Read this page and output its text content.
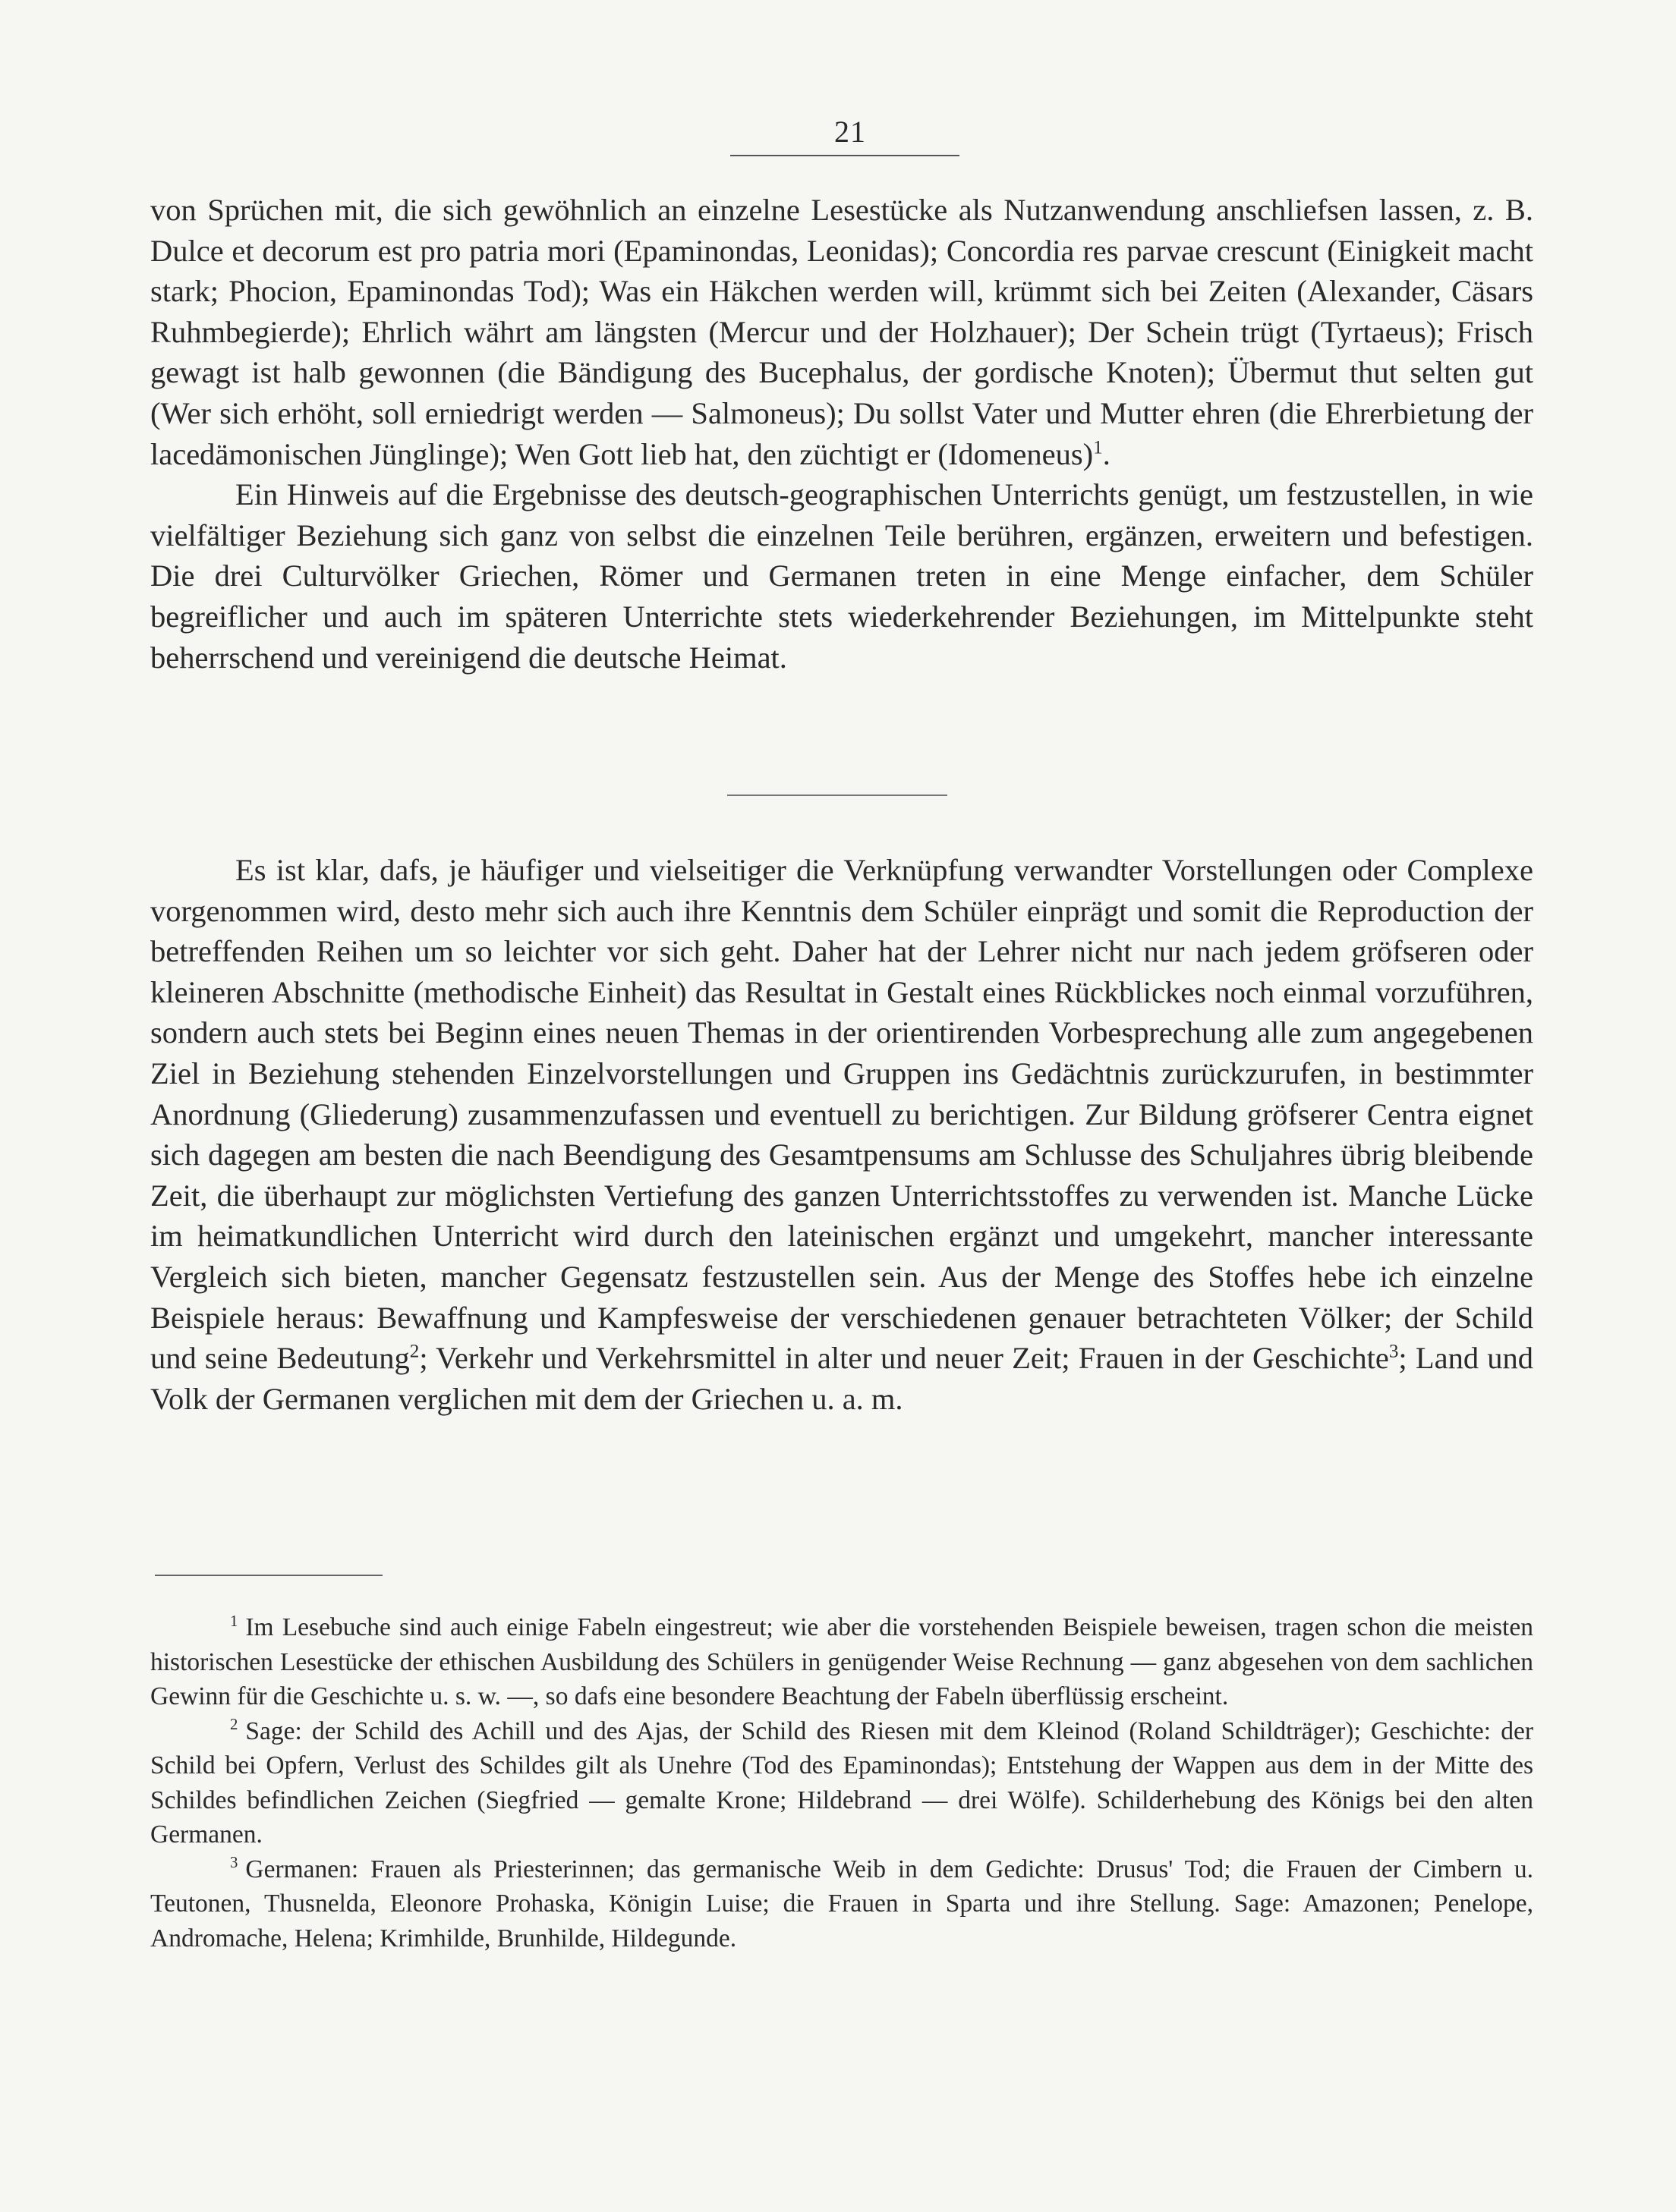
21

von Sprüchen mit, die sich gewöhnlich an einzelne Lesestücke als Nutzanwendung anschliefsen lassen, z. B. Dulce et decorum est pro patria mori (Epaminondas, Leonidas); Concordia res parvae crescunt (Einigkeit macht stark; Phocion, Epaminondas Tod); Was ein Häkchen werden will, krümmt sich bei Zeiten (Alexander, Cäsars Ruhmbegierde); Ehrlich währt am längsten (Mercur und der Holzhauer); Der Schein trügt (Tyrtaeus); Frisch gewagt ist halb gewonnen (die Bändigung des Bucephalus, der gordische Knoten); Übermut thut selten gut (Wer sich erhöht, soll erniedrigt werden — Salmoneus); Du sollst Vater und Mutter ehren (die Ehrerbietung der lacedämonischen Jünglinge); Wen Gott lieb hat, den züchtigt er (Idomeneus)$^1$.

Ein Hinweis auf die Ergebnisse des deutsch-geographischen Unterrichts genügt, um festzustellen, in wie vielfältiger Beziehung sich ganz von selbst die einzelnen Teile berühren, ergänzen, erweitern und befestigen. Die drei Culturvölker Griechen, Römer und Germanen treten in eine Menge einfacher, dem Schüler begreiflicher und auch im späteren Unterrichte stets wiederkehrender Beziehungen, im Mittelpunkte steht beherrschend und vereinigend die deutsche Heimat.

Es ist klar, dafs, je häufiger und vielseitiger die Verknüpfung verwandter Vorstellungen oder Complexe vorgenommen wird, desto mehr sich auch ihre Kenntnis dem Schüler einprägt und somit die Reproduction der betreffenden Reihen um so leichter vor sich geht. Daher hat der Lehrer nicht nur nach jedem gröfseren oder kleineren Abschnitte (methodische Einheit) das Resultat in Gestalt eines Rückblickes noch einmal vorzuführen, sondern auch stets bei Beginn eines neuen Themas in der orientirenden Vorbesprechung alle zum angegebenen Ziel in Beziehung stehenden Einzelvorstellungen und Gruppen ins Gedächtnis zurückzurufen, in bestimmter Anordnung (Gliederung) zusammenzufassen und eventuell zu berichtigen. Zur Bildung gröfserer Centra eignet sich dagegen am besten die nach Beendigung des Gesamtpensums am Schlusse des Schuljahres übrig bleibende Zeit, die überhaupt zur möglichsten Vertiefung des ganzen Unterrichtsstoffes zu verwenden ist. Manche Lücke im heimatkundlichen Unterricht wird durch den lateinischen ergänzt und umgekehrt, mancher interessante Vergleich sich bieten, mancher Gegensatz festzustellen sein. Aus der Menge des Stoffes hebe ich einzelne Beispiele heraus: Bewaffnung und Kampfesweise der verschiedenen genauer betrachteten Völker; der Schild und seine Bedeutung$^2$; Verkehr und Verkehrsmittel in alter und neuer Zeit; Frauen in der Geschichte$^3$; Land und Volk der Germanen verglichen mit dem der Griechen u. a. m.

$^1$ Im Lesebuche sind auch einige Fabeln eingestreut; wie aber die vorstehenden Beispiele beweisen, tragen schon die meisten historischen Lesestücke der ethischen Ausbildung des Schülers in genügender Weise Rechnung — ganz abgesehen von dem sachlichen Gewinn für die Geschichte u. s. w. —, so dafs eine besondere Beachtung der Fabeln überflüssig erscheint.

$^2$ Sage: der Schild des Achill und des Ajas, der Schild des Riesen mit dem Kleinod (Roland Schildträger); Geschichte: der Schild bei Opfern, Verlust des Schildes gilt als Unehre (Tod des Epaminondas); Entstehung der Wappen aus dem in der Mitte des Schildes befindlichen Zeichen (Siegfried — gemalte Krone; Hildebrand — drei Wölfe). Schilderhebung des Königs bei den alten Germanen.

$^3$ Germanen: Frauen als Priesterinnen; das germanische Weib in dem Gedichte: Drusus' Tod; die Frauen der Cimbern u. Teutonen, Thusnelda, Eleonore Prohaska, Königin Luise; die Frauen in Sparta und ihre Stellung. Sage: Amazonen; Penelope, Andromache, Helena; Krimhilde, Brunhilde, Hildegunde.
